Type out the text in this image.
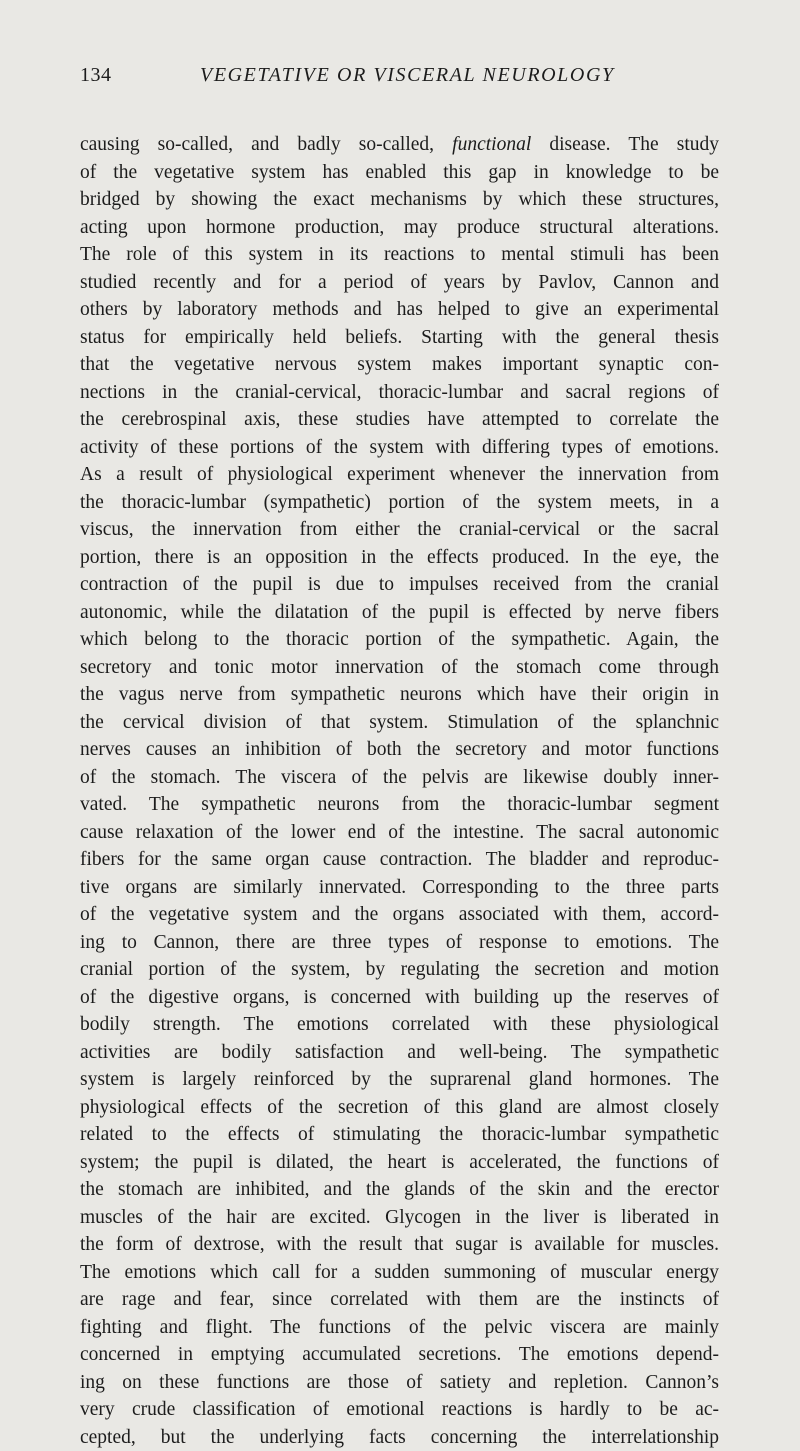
134	VEGETATIVE OR VISCERAL NEUROLOGY
causing so-called, and badly so-called, functional disease. The study
of the vegetative system has enabled this gap in knowledge to be
bridged by showing the exact mechanisms by which these structures,
acting upon hormone production, may produce structural alterations.
The role of this system in its reactions to mental stimuli has been
studied recently and for a period of years by Pavlov, Cannon and
others by laboratory methods and has helped to give an experimental
status for empirically held beliefs. Starting with the general thesis
that the vegetative nervous system makes important synaptic con-
nections in the cranial-cervical, thoracic-lumbar and sacral regions of
the cerebrospinal axis, these studies have attempted to correlate the
activity of these portions of the system with differing types of emotions.
As a result of physiological experiment whenever the innervation from
the thoracic-lumbar (sympathetic) portion of the system meets, in a
viscus, the innervation from either the cranial-cervical or the sacral
portion, there is an opposition in the effects produced. In the eye, the
contraction of the pupil is due to impulses received from the cranial
autonomic, while the dilatation of the pupil is effected by nerve fibers
which belong to the thoracic portion of the sympathetic. Again, the
secretory and tonic motor innervation of the stomach come through
the vagus nerve from sympathetic neurons which have their origin in
the cervical division of that system. Stimulation of the splanchnic
nerves causes an inhibition of both the secretory and motor functions
of the stomach. The viscera of the pelvis are likewise doubly inner-
vated. The sympathetic neurons from the thoracic-lumbar segment
cause relaxation of the lower end of the intestine. The sacral autonomic
fibers for the same organ cause contraction. The bladder and reproduc-
tive organs are similarly innervated. Corresponding to the three parts
of the vegetative system and the organs associated with them, accord-
ing to Cannon, there are three types of response to emotions. The
cranial portion of the system, by regulating the secretion and motion
of the digestive organs, is concerned with building up the reserves of
bodily strength. The emotions correlated with these physiological
activities are bodily satisfaction and well-being. The sympathetic
system is largely reinforced by the suprarenal gland hormones. The
physiological effects of the secretion of this gland are almost closely
related to the effects of stimulating the thoracic-lumbar sympathetic
system; the pupil is dilated, the heart is accelerated, the functions of
the stomach are inhibited, and the glands of the skin and the erector
muscles of the hair are excited. Glycogen in the liver is liberated in
the form of dextrose, with the result that sugar is available for muscles.
The emotions which call for a sudden summoning of muscular energy
are rage and fear, since correlated with them are the instincts of
fighting and flight. The functions of the pelvic viscera are mainly
concerned in emptying accumulated secretions. The emotions depend-
ing on these functions are those of satiety and repletion. Cannon’s
very crude classification of emotional reactions is hardly to be ac-
cepted, but the underlying facts concerning the interrelationship
